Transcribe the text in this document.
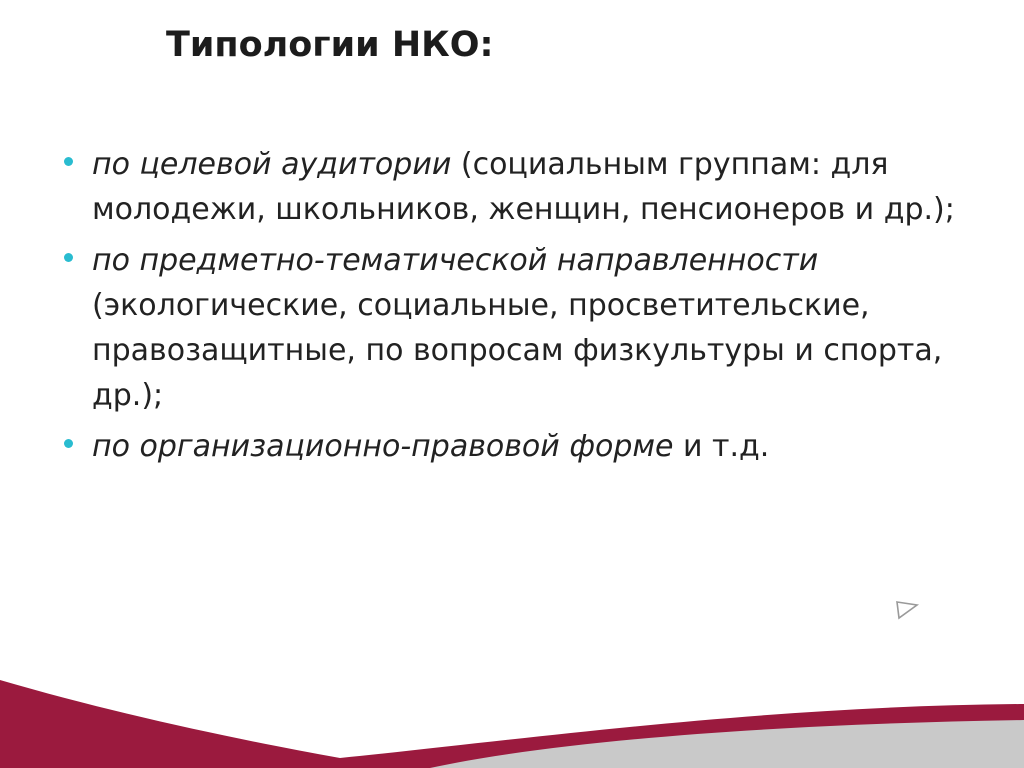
Типологии НКО:
по целевой аудитории (социальным группам: для молодежи, школьников, женщин, пенсионеров и др.);
по предметно-тематической направленности (экологические, социальные, просветительские, правозащитные, по вопросам физкультуры и спорта, др.);
по организационно-правовой форме и т.д.
